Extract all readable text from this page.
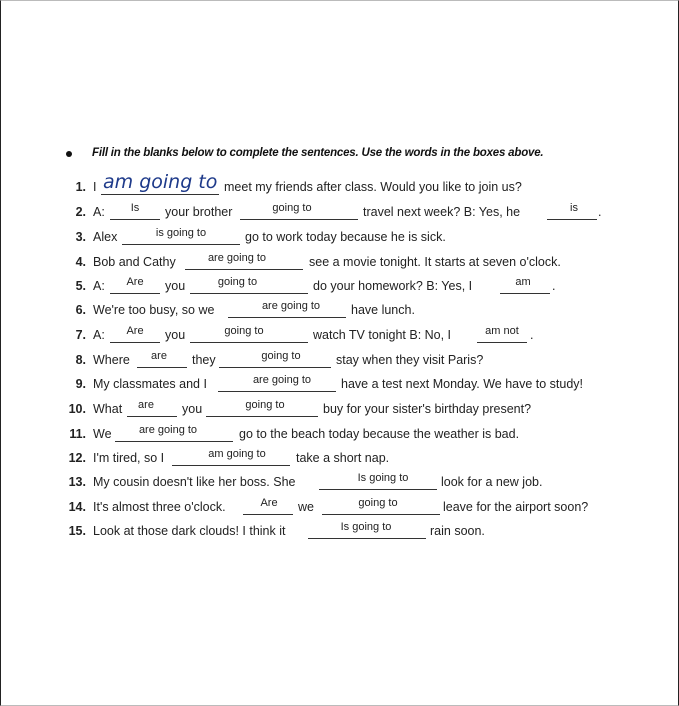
Fill in the blanks below to complete the sentences. Use the words in the boxes above.
1. I am going to meet my friends after class. Would you like to join us?
2. A:	Is	your brother	going to	travel next week? B: Yes, he	is	.
3. Alex	is going to	go to work today because he is sick.
4. Bob and Cathy	are going to	see a movie tonight. It starts at seven o'clock.
5. A:	Are	you	going to	do your homework? B: Yes, I	am	.
6. We're too busy, so we	are going to	have lunch.
7. A:	Are	you	going to	watch TV tonight B: No, I	am not .
8. Where	are	they	going to	stay when they visit Paris?
9. My classmates and I	are going to	have a test next Monday. We have to study!
10. What	are	you	going to	buy for your sister's birthday present?
11. We	are going to	go to the beach today because the weather is bad.
12. I'm tired, so I	am going to	take a short nap.
13. My cousin doesn't like her boss. She	Is going to	look for a new job.
14. It's almost three o'clock.	Are	we	going to	leave for the airport soon?
15. Look at those dark clouds! I think it	Is going to	rain soon.
